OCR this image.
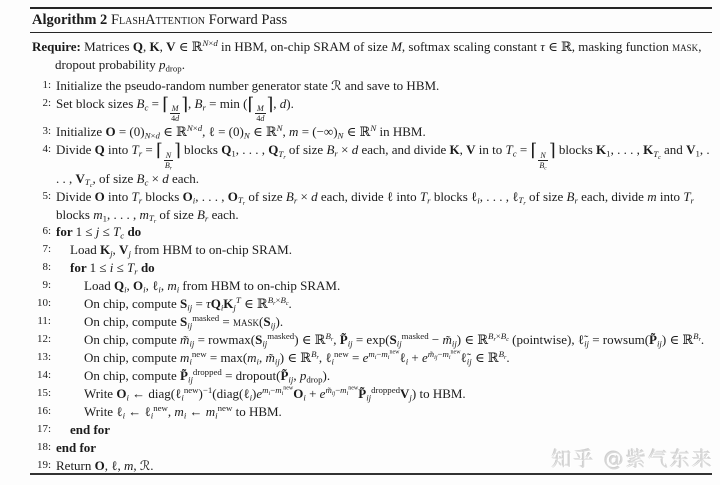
Algorithm 2 FlashAttention Forward Pass
Require: Matrices Q, K, V ∈ ℝ$^{N\times d}$ in HBM, on-chip SRAM of size M, softmax scaling constant τ ∈ ℝ, masking function mask, dropout probability $p_{drop}$.
1: Initialize the pseudo-random number generator state ℛ and save to HBM.
2: Set block sizes $B_c$ = ⌈ $\frac{M}{4d}$ ⌉, $B_r = \min$ (⌈ $\frac{M}{4d}$ ⌉, d).
3: Initialize $O = (0)_{N\times d}$ ∈ ℝ$^{N\times d}$, ℓ = $(0)_N$ ∈ ℝ$^N$, $m = (-\infty)_N$ ∈ ℝ$^N$ in HBM.
4: Divide Q into $T_r$ = ⌈ $\frac{N}{B_r}$ ⌉ blocks $Q_1$, . . . , $Q_{T_r}$ of size $B_r \times d$ each, and divide K, V in to $T_c$ = ⌈ $\frac{N}{B_c}$ ⌉ blocks $K_1$, . . . , $K_{T_c}$ and $V_1$, . . . , $V_{T_c}$, of size $B_c \times d$ each.
5: Divide O into $T_r$ blocks $O_i$, . . . , $O_{T_r}$ of size $B_r \times d$ each, divide ℓ into $T_r$ blocks ℓ$_i$, . . . , ℓ$_{T_r}$ of size $B_r$ each, divide m into $T_r$ blocks $m_1$, . . . , $m_{T_r}$ of size $B_r$ each.
6: for $1 \le j \le T_c$ do
7:	Load $K_j$, $V_j$ from HBM to on-chip SRAM.
8:	for $1 \le i \le T_r$ do
9:	Load $Q_i$, $O_i$, ℓ$_i$, $m_i$ from HBM to on-chip SRAM.
10:	On chip, compute $S_{ij} = \tau Q_iK_j^T$ ∈ ℝ$^{B_r\times B_c}$.
11:	On chip, compute $S_{ij}^{masked}$ = $mask(S_{ij})$.
12:	On chip, compute $m̃_{ij} = rowmax(S_{ij}^{masked})$ ∈ ℝ$^{B_r}$, $P̃_{ij} = \exp(S_{ij}^{masked}$ − $m̃_{ij}$) ∈ ℝ$^{B_r\times B_c}$ (pointwise), $\ell̃_{ij}$ = $rowsum(P̃_{ij})$ ∈ ℝ$^{B_r}$.
13:	On chip, compute $m_i^{new} = \max(m_i$, $m̃_{ij}$) ∈ ℝ$^{B_r}$, ℓ$_i^{new}$ = $e^{m_i-m_i^{new}}\ell_i$ + $e^{m̃_{ij}-m_i^{new}}\ell̃_{ij}$ ∈ ℝ$^{B_r}$.
14:	On chip, compute $P̃_{ij}^{dropped}$ = $dropout(P̃_{ij}$, $p_{drop}$).
15:	Write $O_i$ ← $diag(\ell_i^{new})^{-1}(diag(\ell_i)e^{m_i-m_i^{new}}O_i$ + $e^{m̃_{ij}-m_i^{new}}P̃_{ij}^{dropped}V_j$) to HBM.
16:	Write ℓ$_i$ ← ℓ$_i^{new}$, $m_i$ ← $m_i^{new}$ to HBM.
17:	end for
18: end for
19: Return O, ℓ, m, ℛ.	知乎 @紫气东来
